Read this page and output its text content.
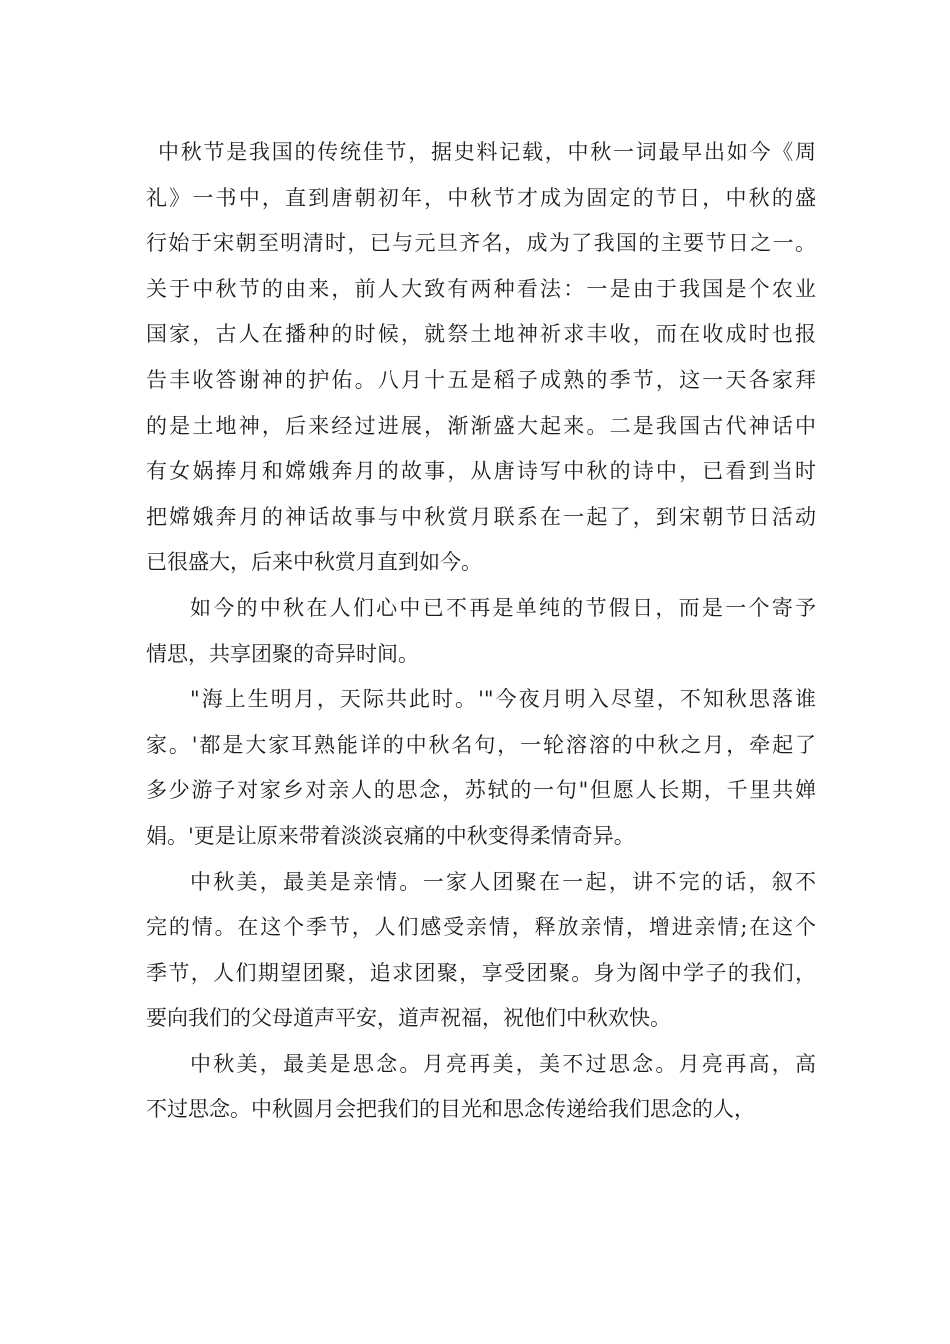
中秋节是我国的传统佳节，据史料记载，中秋一词最早出如今《周
礼》一书中，直到唐朝初年，中秋节才成为固定的节日，中秋的盛
行始于宋朝至明清时，已与元旦齐名，成为了我国的主要节日之一。
关于中秋节的由来，前人大致有两种看法：一是由于我国是个农业
国家，古人在播种的时候，就祭土地神祈求丰收，而在收成时也报
告丰收答谢神的护佑。八月十五是稻子成熟的季节，这一天各家拜
的是土地神，后来经过进展，渐渐盛大起来。二是我国古代神话中
有女娲捧月和嫦娥奔月的故事，从唐诗写中秋的诗中，已看到当时
把嫦娥奔月的神话故事与中秋赏月联系在一起了，到宋朝节日活动
已很盛大，后来中秋赏月直到如今。
如今的中秋在人们心中已不再是单纯的节假日，而是一个寄予
情思，共享团聚的奇异时间。
"海上生明月，天际共此时。'"今夜月明入尽望，不知秋思落谁
家。'都是大家耳熟能详的中秋名句，一轮溶溶的中秋之月，牵起了
多少游子对家乡对亲人的思念，苏轼的一句"但愿人长期，千里共婵
娟。'更是让原来带着淡淡哀痛的中秋变得柔情奇异。
中秋美，最美是亲情。一家人团聚在一起，讲不完的话，叙不
完的情。在这个季节，人们感受亲情，释放亲情，增进亲情;在这个
季节，人们期望团聚，追求团聚，享受团聚。身为阁中学子的我们，
要向我们的父母道声平安，道声祝福，祝他们中秋欢快。
中秋美，最美是思念。月亮再美，美不过思念。月亮再高，高
不过思念。中秋圆月会把我们的目光和思念传递给我们思念的人，
